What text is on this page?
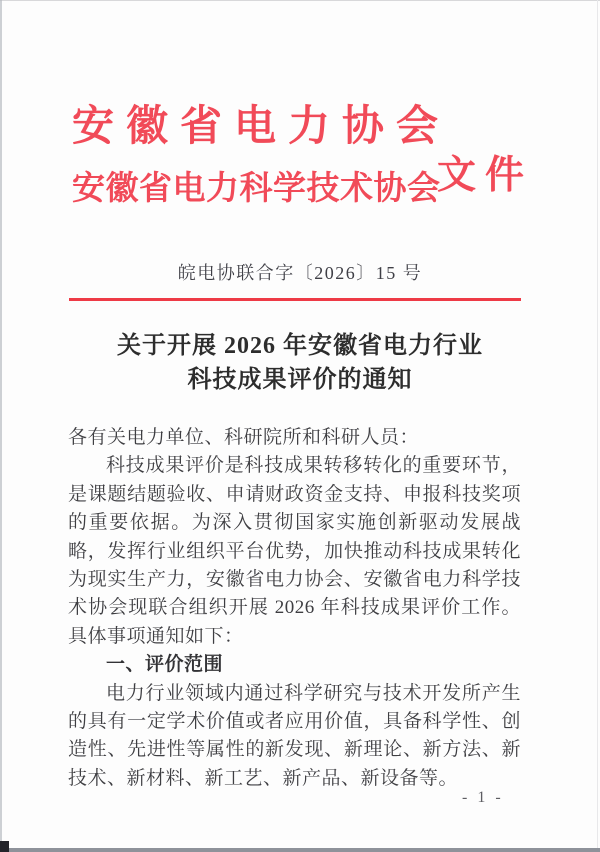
安徽省电力协会
安徽省电力科学技术协会
文件
皖电协联合字〔2026〕15 号
关于开展 2026 年安徽省电力行业
科技成果评价的通知

各有关电力单位、科研院所和科研人员：

科技成果评价是科技成果转移转化的重要环节，是课题结题验收、申请财政资金支持、申报科技奖项的重要依据。为深入贯彻国家实施创新驱动发展战略，发挥行业组织平台优势，加快推动科技成果转化为现实生产力，安徽省电力协会、安徽省电力科学技术协会现联合组织开展 2026 年科技成果评价工作。具体事项通知如下：

一、评价范围

电力行业领域内通过科学研究与技术开发所产生的具有一定学术价值或者应用价值，具备科学性、创造性、先进性等属性的新发现、新理论、新方法、新技术、新材料、新工艺、新产品、新设备等。

- 1 -
